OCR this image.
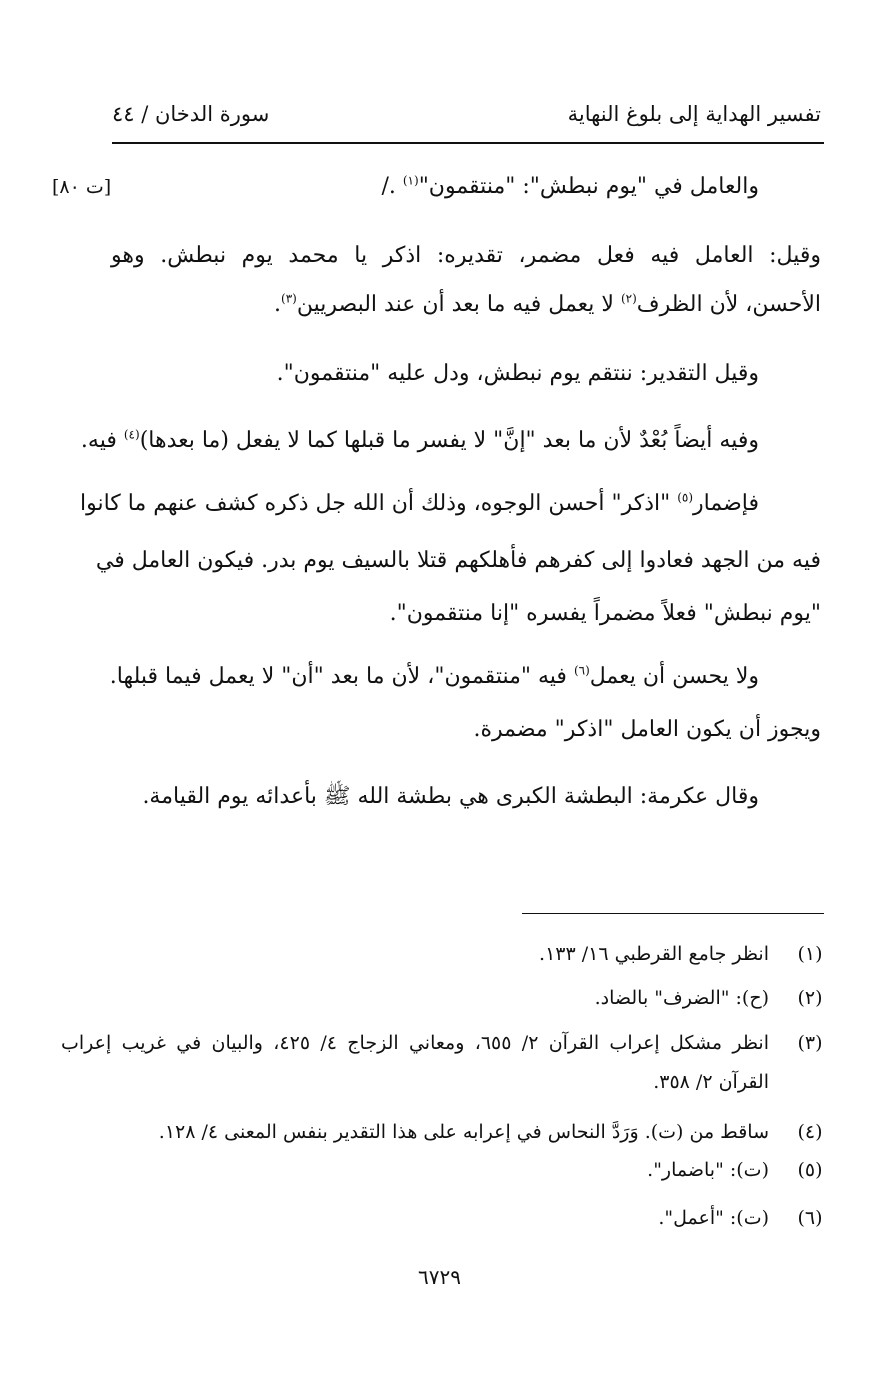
تفسير الهداية إلى بلوغ النهاية
سورة الدخان / ٤٤
[ت ٨٠]	والعامل في "يوم نبطش": "منتقمون"$^{(١)}$ ./
وقيل: العامل فيه فعل مضمر، تقديره: اذكر يا محمد يوم نبطش. وهو
الأحسن، لأن الظرف$^{(٢)}$ لا يعمل فيه ما بعد أن عند البصريين$^{(٣)}$.
وقيل التقدير: ننتقم يوم نبطش، ودل عليه "منتقمون".
وفيه أيضاً بُعْدٌ لأن ما بعد "إنَّ" لا يفسر ما قبلها كما لا يفعل (ما بعدها)$^{(٤)}$ فيه.
فإضمار$^{(٥)}$ "اذكر" أحسن الوجوه، وذلك أن الله جل ذكره كشف عنهم ما كانوا
فيه من الجهد فعادوا إلى كفرهم فأهلكهم قتلا بالسيف يوم بدر. فيكون العامل في
"يوم نبطش" فعلاً مضمراً يفسره "إنا منتقمون".
ولا يحسن أن يعمل$^{(٦)}$ فيه "منتقمون"، لأن ما بعد "أن" لا يعمل فيما قبلها.
ويجوز أن يكون العامل "اذكر" مضمرة.
وقال عكرمة: البطشة الكبرى هي بطشة الله ﷺ بأعدائه يوم القيامة.
(١)
انظر جامع القرطبي ١٦/ ١٣٣.
(٢)
(ح): "الضرف" بالضاد.
(٣)
انظر مشكل إعراب القرآن ٢/ ٦٥٥، ومعاني الزجاج ٤/ ٤٢٥، والبيان في غريب إعراب
القرآن ٢/ ٣٥٨.
(٤)
ساقط من (ت). وَرَدَّ النحاس في إعرابه على هذا التقدير بنفس المعنى ٤/ ١٢٨.
(٥)
(ت): "باضمار".
(٦)
(ت): "أعمل".
٦٧٢٩
